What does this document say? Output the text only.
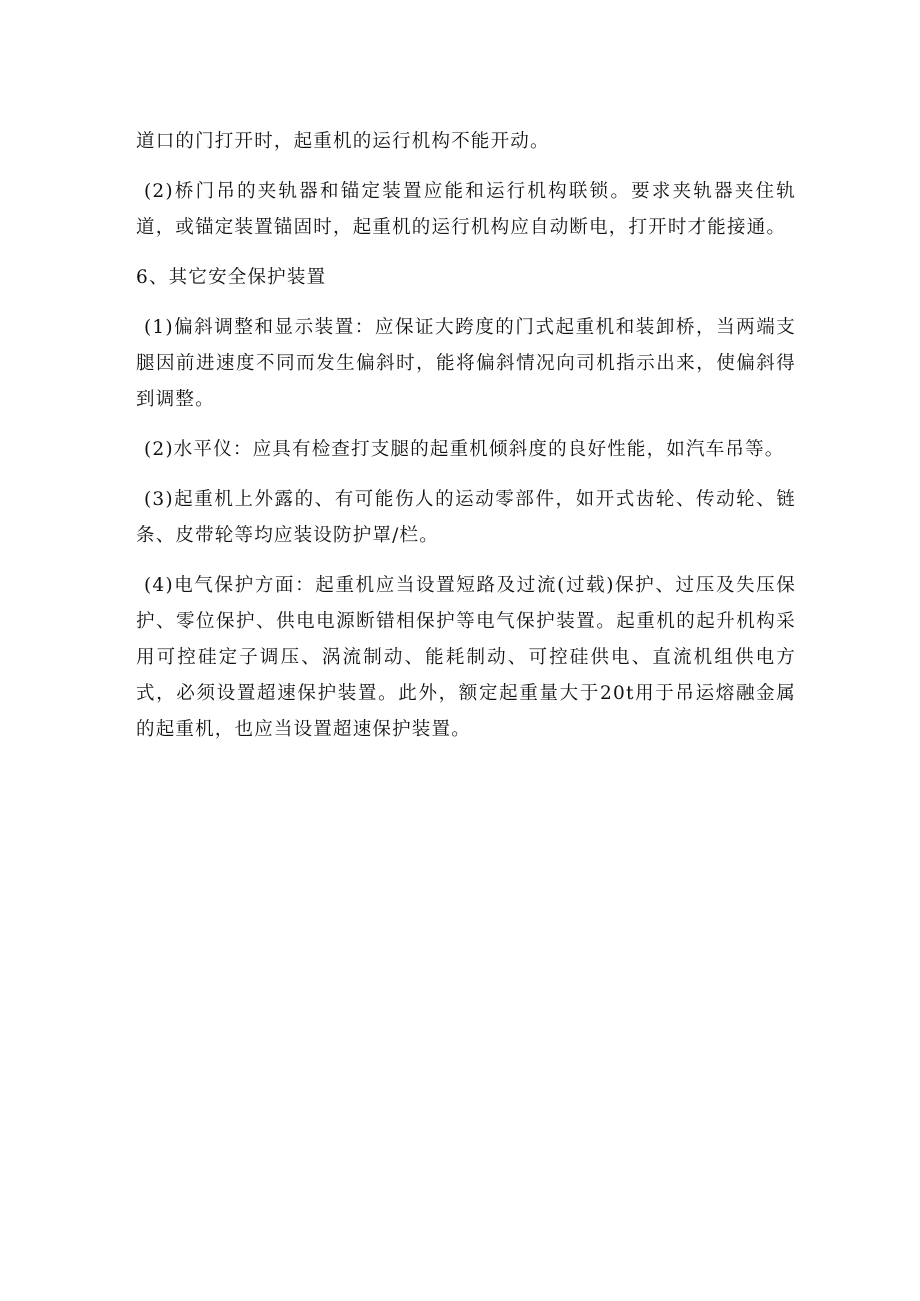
道口的门打开时，起重机的运行机构不能开动。

(2)桥门吊的夹轨器和锚定装置应能和运行机构联锁。要求夹轨器夹住轨道，或锚定装置锚固时，起重机的运行机构应自动断电，打开时才能接通。

6、其它安全保护装置

(1)偏斜调整和显示装置：应保证大跨度的门式起重机和装卸桥，当两端支腿因前进速度不同而发生偏斜时，能将偏斜情况向司机指示出来，使偏斜得到调整。

(2)水平仪：应具有检查打支腿的起重机倾斜度的良好性能，如汽车吊等。

(3)起重机上外露的、有可能伤人的运动零部件，如开式齿轮、传动轮、链条、皮带轮等均应装设防护罩/栏。

(4)电气保护方面：起重机应当设置短路及过流(过载)保护、过压及失压保护、零位保护、供电电源断错相保护等电气保护装置。起重机的起升机构采用可控硅定子调压、涡流制动、能耗制动、可控硅供电、直流机组供电方式，必须设置超速保护装置。此外，额定起重量大于20t用于吊运熔融金属的起重机，也应当设置超速保护装置。
